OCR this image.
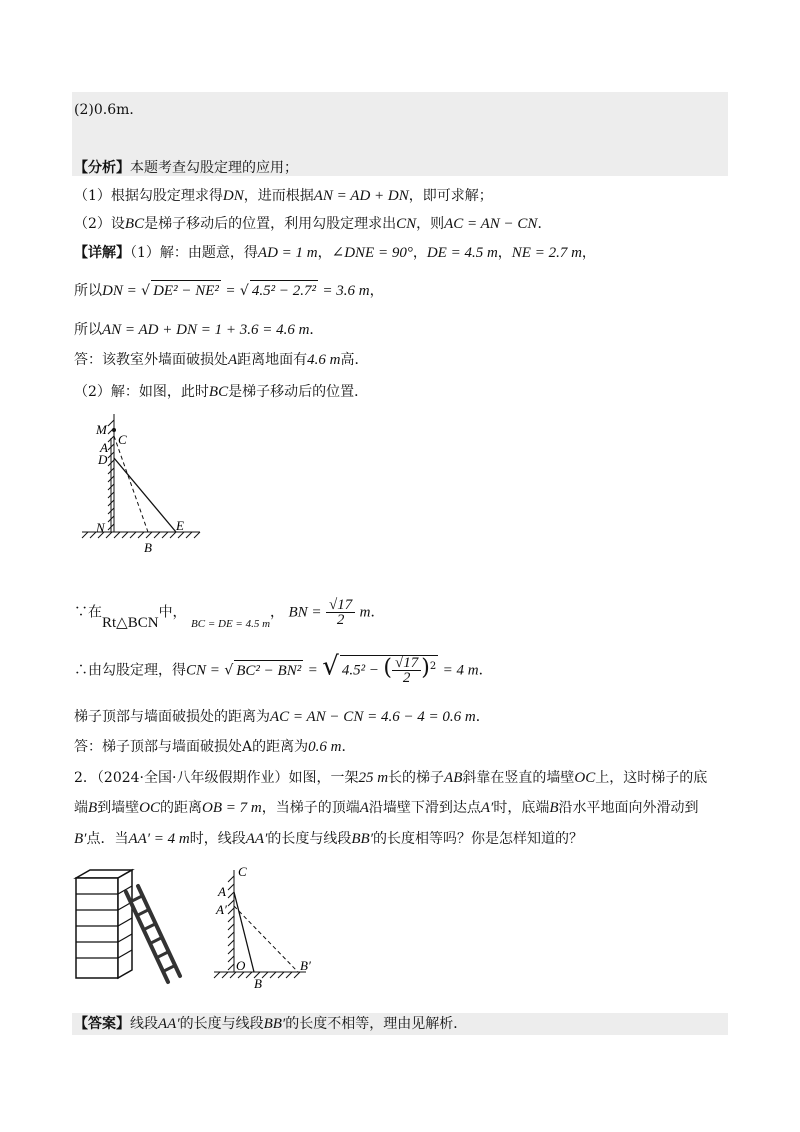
(2)0.6m．
【分析】本题考查勾股定理的应用；
（1）根据勾股定理求得DN，进而根据AN = AD + DN，即可求解；
（2）设BC是梯子移动后的位置，利用勾股定理求出CN，则AC = AN − CN．
【详解】（1）解：由题意，得AD = 1 m，∠DNE = 90°，DE = 4.5 m，NE = 2.7 m，
所以DN = √ DE² − NE² = √ 4.5² − 2.7² = 3.6 m，
所以AN = AD + DN = 1 + 3.6 = 4.6 m．
答：该教室外墙面破损处A距离地面有4.6 m高．
（2）解：如图，此时BC是梯子移动后的位置．
M
C
A
D
N	E
B
∵在Rt△BCN中， $_{BC = DE = 4.5 m}$， BN = $\frac{√17}{2}$ m．
∴由勾股定理，得CN = √ BC² − BN² = √ 4.5² − ( $\frac{√17}{2} )^2 = 4$ m．
梯子顶部与墙面破损处的距离为AC = AN − CN = 4.6 − 4 = 0.6 m．
答：梯子顶部与墙面破损处A的距离为0.6 m．
2．（2024·全国·八年级假期作业）如图，一架25 m长的梯子AB斜靠在竖直的墙壁OC上，这时梯子的底
端B到墙壁OC的距离OB = 7 m，当梯子的顶端A沿墙壁下滑到达点A′时，底端B沿水平地面向外滑动到
B′点．当AA′ = 4 m时，线段AA′的长度与线段BB′的长度相等吗？你是怎样知道的？
C
A
A′
O
B
B′
【答案】线段AA′的长度与线段BB′的长度不相等，理由见解析．
